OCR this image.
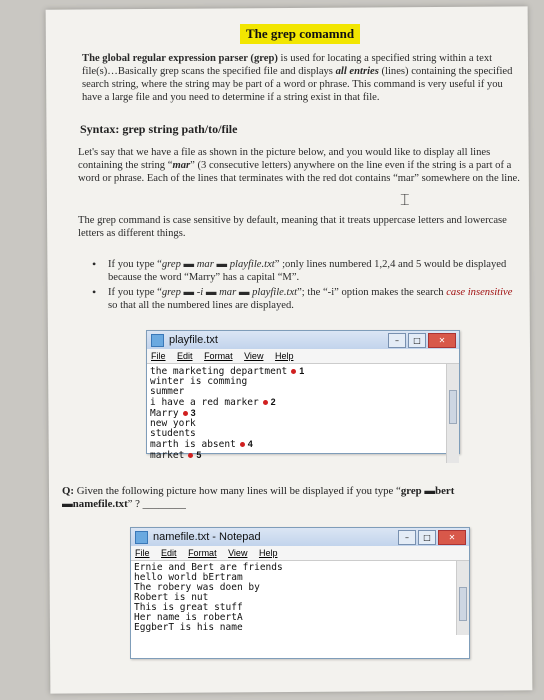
The grep comamnd
The global regular expression parser (grep) is used for locating a specified string within a text file(s)…Basically grep scans the specified file and displays all entries (lines) containing the specified search string, where the string may be part of a word or phrase. This command is very useful if you have a large file and you need to determine if a string exist in that file.
Syntax: grep string path/to/file
Let's say that we have a file as shown in the picture below, and you would like to display all lines containing the string “mar” (3 consecutive letters) anywhere on the line even if the string is a part of a word or phrase. Each of the lines that terminates with the red dot contains “mar” somewhere on the line.
⌶
The grep command is case sensitive by default, meaning that it treats uppercase letters and lowercase letters as different things.
• If you type “grep ▬ mar ▬ playfile.txt” ;only lines numbered 1,2,4 and 5 would be displayed because the word “Marry” has a capital “M”.
• If you type “grep ▬ -i ▬ mar ▬ playfile.txt”; the “-i” option makes the search case insensitive so that all the numbered lines are displayed.
playfile.txt	–	□	✕
File Edit Format View Help
the marketing department 1
winter is comming
summer
i have a red marker 2
Marry 3
new york
students
marth is absent 4
market 5
Q: Given the following picture how many lines will be displayed if you type “grep ▬bert ▬namefile.txt” ? ________
namefile.txt - Notepad	–	□	✕
File Edit Format View Help
Ernie and Bert are friends
hello world bErtram
The robery was doen by
Robert is nut
This is great stuff
Her name is robertA
EggberT is his name
